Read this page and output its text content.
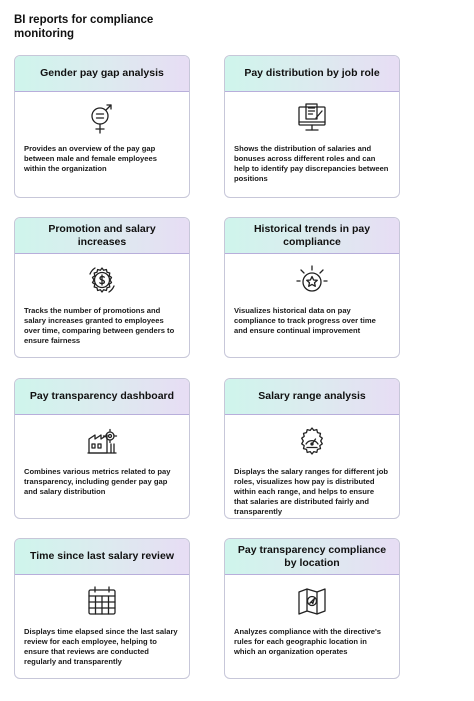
BI reports for compliance monitoring
Gender pay gap analysis
Provides an overview of the pay gap between male and female employees within the organization
Pay distribution by job role
Shows the distribution of salaries and bonuses across different roles and can help to identify pay discrepancies between positions
Promotion and salary increases
Tracks the number of promotions and salary increases granted to employees over time, comparing between genders to ensure fairness
Historical trends in pay compliance
Visualizes historical data on pay compliance to track progress over time and ensure continual improvement
Pay transparency dashboard
Combines various metrics related to pay transparency, including gender pay gap and salary distribution
Salary range analysis
Displays the salary ranges for different job roles, visualizes how pay is distributed within each range, and helps to ensure that salaries are distributed fairly and transparently
Time since last salary review
Displays time elapsed since the last salary review for each employee, helping to ensure that reviews are conducted regularly and transparently
Pay transparency compliance by location
Analyzes compliance with the directive's rules for each geographic location in which an organization operates
